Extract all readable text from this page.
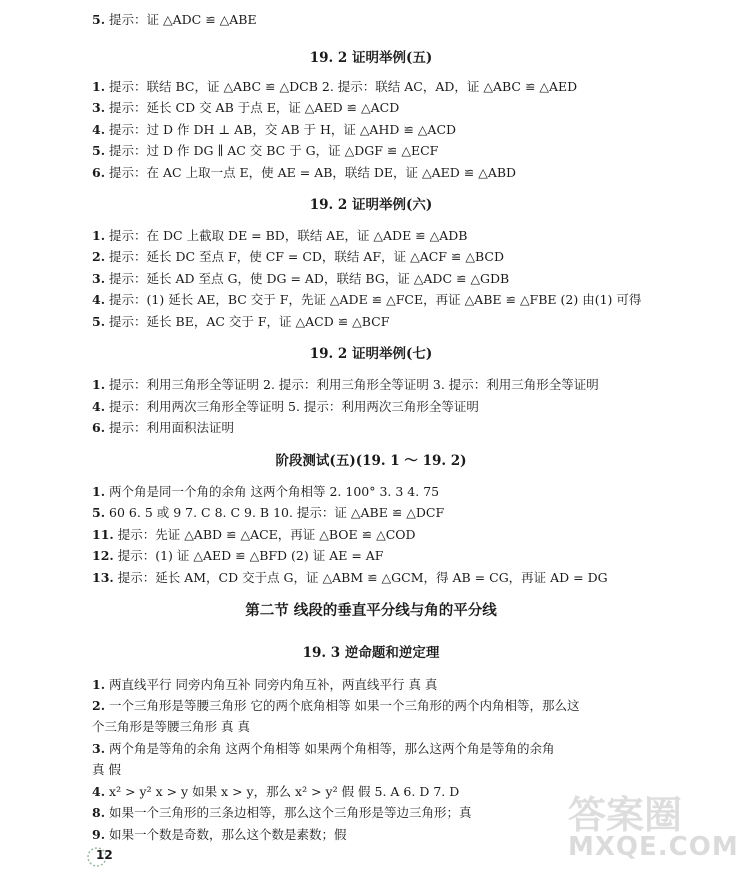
5. 提示：证 △ADC ≌ △ABE
19. 2 证明举例(五)
1. 提示：联结 BC，证 △ABC ≌ △DCB 2. 提示：联结 AC，AD，证 △ABC ≌ △AED
3. 提示：延长 CD 交 AB 于点 E，证 △AED ≌ △ACD
4. 提示：过 D 作 DH ⊥ AB，交 AB 于 H，证 △AHD ≌ △ACD
5. 提示：过 D 作 DG ∥ AC 交 BC 于 G，证 △DGF ≌ △ECF
6. 提示：在 AC 上取一点 E，使 AE = AB，联结 DE，证 △AED ≌ △ABD
19. 2 证明举例(六)
1. 提示：在 DC 上截取 DE = BD，联结 AE，证 △ADE ≌ △ADB
2. 提示：延长 DC 至点 F，使 CF = CD，联结 AF，证 △ACF ≌ △BCD
3. 提示：延长 AD 至点 G，使 DG = AD，联结 BG，证 △ADC ≌ △GDB
4. 提示：(1) 延长 AE，BC 交于 F，先证 △ADE ≌ △FCE，再证 △ABE ≌ △FBE (2) 由(1) 可得
5. 提示：延长 BE，AC 交于 F，证 △ACD ≌ △BCF
19. 2 证明举例(七)
1. 提示：利用三角形全等证明 2. 提示：利用三角形全等证明 3. 提示：利用三角形全等证明
4. 提示：利用两次三角形全等证明 5. 提示：利用两次三角形全等证明
6. 提示：利用面积法证明
阶段测试(五)(19. 1 ～ 19. 2)
1. 两个角是同一个角的余角 这两个角相等 2. 100° 3. 3 4. 75
5. 60 6. 5 或 9 7. C 8. C 9. B 10. 提示：证 △ABE ≌ △DCF
11. 提示：先证 △ABD ≌ △ACE，再证 △BOE ≌ △COD
12. 提示：(1) 证 △AED ≌ △BFD (2) 证 AE = AF
13. 提示：延长 AM，CD 交于点 G，证 △ABM ≌ △GCM，得 AB = CG，再证 AD = DG
第二节 线段的垂直平分线与角的平分线
19. 3 逆命题和逆定理
1. 两直线平行 同旁内角互补 同旁内角互补，两直线平行 真 真
2. 一个三角形是等腰三角形 它的两个底角相等 如果一个三角形的两个内角相等，那么这
个三角形是等腰三角形 真 真
3. 两个角是等角的余角 这两个角相等 如果两个角相等，那么这两个角是等角的余角
真 假
4. x² > y² x > y 如果 x > y，那么 x² > y² 假 假 5. A 6. D 7. D
8. 如果一个三角形的三条边相等，那么这个三角形是等边三角形；真
9. 如果一个数是奇数，那么这个数是素数；假
12
答案圈
MXQE.COM
